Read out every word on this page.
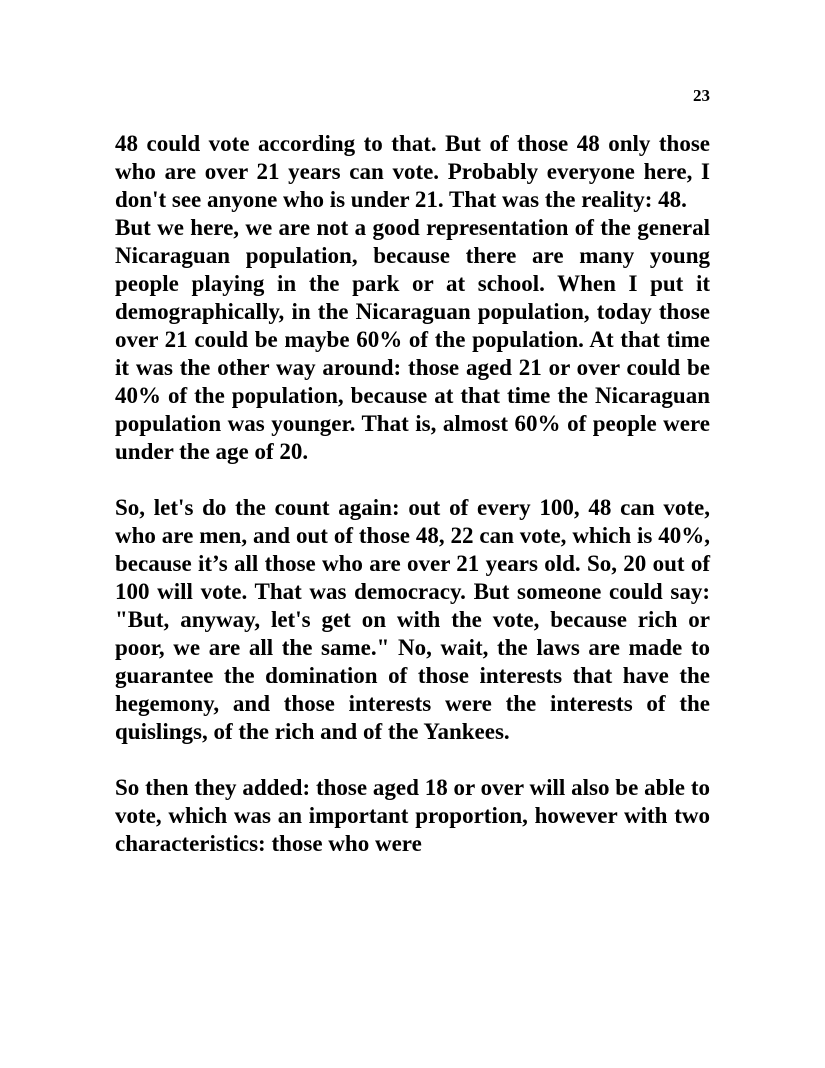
23

48 could vote according to that. But of those 48 only those who are over 21 years can vote. Probably everyone here, I don't see anyone who is under 21. That was the reality: 48.

But we here, we are not a good representation of the general Nicaraguan population, because there are many young people playing in the park or at school. When I put it demographically, in the Nicaraguan population, today those over 21 could be maybe 60% of the population. At that time it was the other way around: those aged 21 or over could be 40% of the population, because at that time the Nicaraguan population was younger. That is, almost 60% of people were under the age of 20.

So, let's do the count again: out of every 100, 48 can vote, who are men, and out of those 48, 22 can vote, which is 40%, because it’s all those who are over 21 years old. So, 20 out of 100 will vote. That was democracy. But someone could say: "But, anyway, let's get on with the vote, because rich or poor, we are all the same." No, wait, the laws are made to guarantee the domination of those interests that have the hegemony, and those interests were the interests of the quislings, of the rich and of the Yankees.

So then they added: those aged 18 or over will also be able to vote, which was an important proportion, however with two characteristics: those who were
